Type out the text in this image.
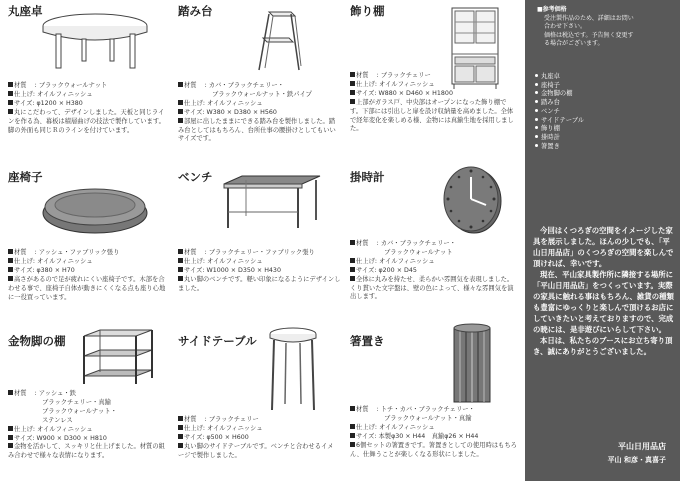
丸座卓
材質 : ブラックウォールナット
仕上げ: オイルフィニッシュ
サイズ: φ1200 × H380
丸にこだわって、デザインしました。天板と同じラインを作る為、幕板は積層曲げの技法で製作しています。脚の外面も同じＲのラインを付けています。
座椅子
材質 : アッシュ・ファブリック張り
仕上げ: オイルフィニッシュ
サイズ: φ380 × H70
高さがあるので足が疲れにくい座椅子です。木部を合わせる事で、座椅子自体が動きにくくなる点も座り心地に一役買っています。
金物脚の棚
材質 : アッシュ・鉄
ブラックチェリー・真鍮
ブラックウォールナット・
ステンレス
仕上げ: オイルフィニッシュ
サイズ: W900 × D300 × H810
金物を活かして、スッキリと仕上げました。材質の組み合わせで様々な表情になります。
踏み台
材質 : カバ・ブラックチェリー・
ブラックウォールナット・鉄パイプ
仕上げ: オイルフィニッシュ
サイズ: W380 × D380 × H560
部屋に出したままにできる踏み台を製作しました。踏み台としてはもちろん、台所仕事の腰掛けとしてもいいサイズです。
ベンチ
材質 : ブラックチェリー・ファブリック張り
仕上げ: オイルフィニッシュ
サイズ: W1000 × D350 × H430
丸い脚のベンチです。軽い印象になるようにデザインしました。
サイドテーブル
材質 : ブラックチェリー
仕上げ: オイルフィニッシュ
サイズ: φ500 × H600
丸い脚のサイドテーブルです。ベンチと合わせるイメージで製作しました。
飾り棚
材質 : ブラックチェリー
仕上げ: オイルフィニッシュ
サイズ: W880 × D460 × H1800
上部がガラス戸、中央部はオープンになった飾り棚です。下部には引出しと扉を設け収納量を高めました。全体で経年変化を楽しめる様、金物には真鍮生地を採用しました。
掛時計
材質 : カバ・ブラックチェリー・
ブラックウォールナット
仕上げ: オイルフィニッシュ
サイズ: φ200 × D45
全体に丸みを持たせ、柔らかい雰囲気を表現しました。くり貫いた文字盤は、壁の色によって、様々な雰囲気を演出します。
箸置き
材質 : トチ・カバ・ブラックチェリー・
ブラックウォールナット・真鍮
仕上げ: オイルフィニッシュ
サイズ: 本製φ30 × H44　真鍮φ26 × H44
6個セットの箸置きです。箸置きとしての使用時はもちろん、仕舞うことが楽しくなる形状にしました。
■参考価格
受注製作品のため、詳細はお問い
合わせ下さい。
価格は税込です。予告無く変更す
る場合がございます。
丸座卓
座椅子
金物脚の棚
踏み台
ベンチ
サイドテーブル
飾り棚
掛時計
箸置き

今回はくつろぎの空間をイメージした家具を展示しました。ほんの少しでも、「平山日用品店」のくつろぎの空間を楽しんで頂ければ、幸いです。

現在、平山家具製作所に隣接する場所に「平山日用品店」をつくっています。実際の家具に触れる事はもちろん、雑貨の種類も豊富にゆっくりと楽しんで頂けるお店にしていきたいと考えておりますので、完成の暁には、是非遊びにいらして下さい。

本日は、私たちのブースにお立ち寄り頂き、誠にありがとうございました。

平山日用品店
平山 和彦・真喜子
